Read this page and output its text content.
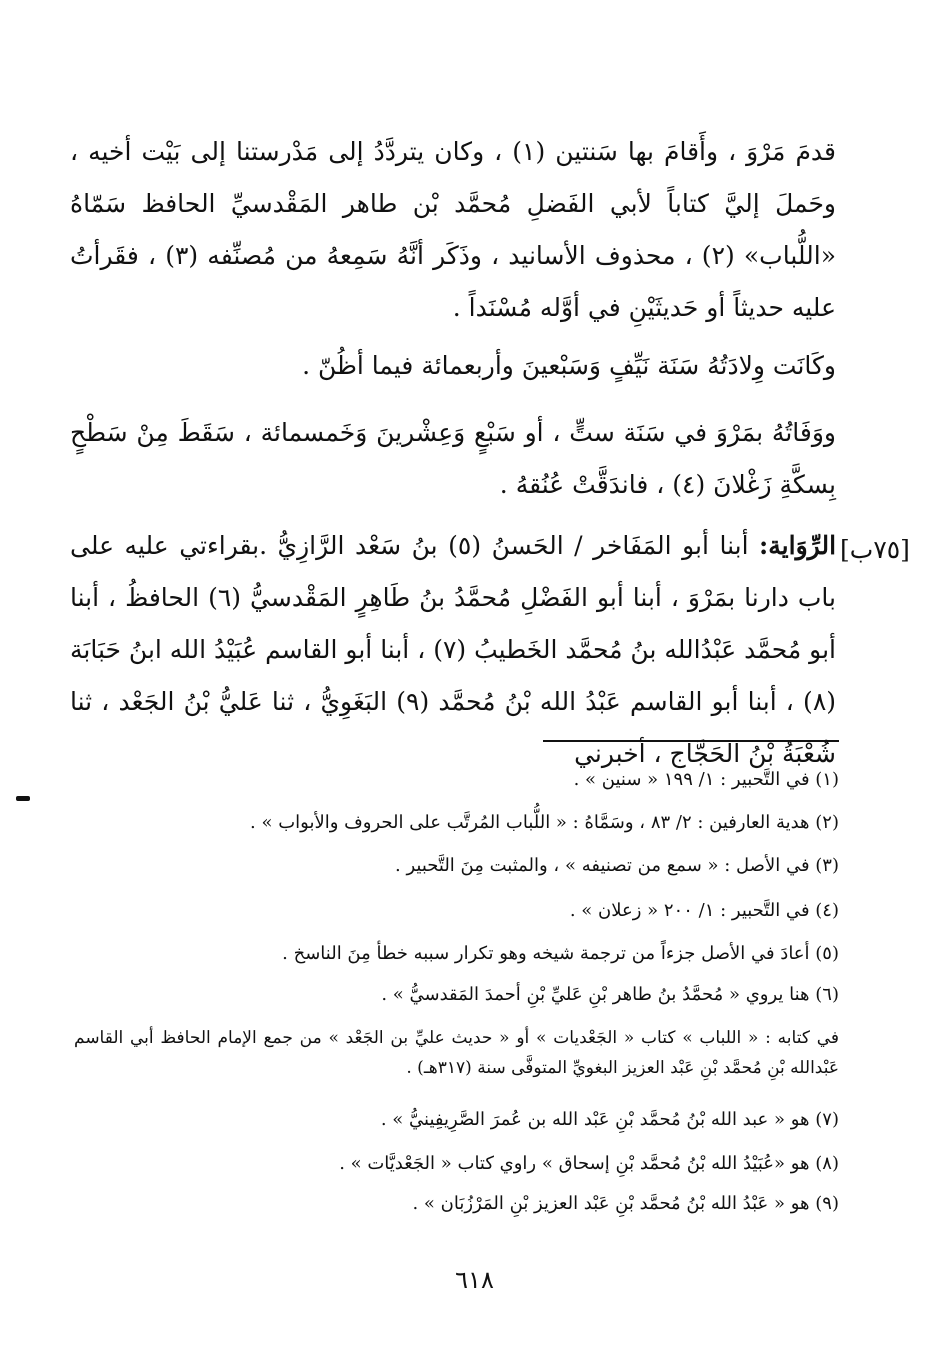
قدمَ مَرْوَ ، وأَقامَ بها سَنتين (١) ، وكان يتردَّدُ إلى مَدْرستنا إلى بَيْت أخيه ، وحَملَ إليَّ كتاباً لأبي الفَضلِ مُحمَّد بْن طاهر المَقْدسيِّ الحافظ سَمّاهُ «اللُّباب» (٢) ، محذوف الأسانيد ، وذَكَر أنَّهُ سَمِعهُ من مُصنِّفه (٣) ، فقَرأتُ عليه حديثاً أو حَديثَيْنِ في أوَّله مُسْنَداً .

وكَانَت وِلادَتُهُ سَنَة نَيِّفٍ وَسَبْعينَ وأربعمائة فيما أظُنّ .

ووَفَاتُهُ بمَرْوَ في سَنَة ستٍّ ، أو سَبْعٍ وَعِشْرينَ وَخَمسمائة ، سَقَطَ مِنْ سَطْحٍ بِسكَّةِ زَغْلانَ (٤) ، فاندَقَّتْ عُنُقهُ .

الرِّوَاية: أبنا أبو المَفَاخر / الحَسنُ (٥) بنُ سَعْد الرَّازِيُّ .بقراءتي عليه على باب دارنا بمَرْوَ ، أبنا أبو الفَضْلِ مُحمَّدُ بنُ طَاهِرٍ المَقْدسيُّ (٦) الحافظُ ، أبنا أبو مُحمَّد عَبْدُالله بنُ مُحمَّد الخَطيبُ (٧) ، أبنا أبو القاسم عُبَيْدُ الله ابنُ حَبَابَة (٨) ، أبنا أبو القاسم عَبْدُ الله بْنُ مُحمَّد (٩) البَغَوِيُّ ، ثنا عَليُّ بْنُ الجَعْد ، ثنا شُعْبَةُ بْنُ الحَجَّاج ، أخبرني

[٧٥ب]
(١) في التَّحبير : ١/ ١٩٩ « سنين » .
(٢) هدية العارفين : ٢/ ٨٣ ، وسَمَّاهُ : « اللُّباب المُرتَّب على الحروف والأبواب » .
(٣) في الأصل : « سمع من تصنيفه » ، والمثبت مِنَ التَّحبير .
(٤) في التَّحبير : ١/ ٢٠٠ « زعلان » .
(٥) أعادَ في الأصل جزءاً من ترجمة شيخه وهو تكرار سببه خطأ مِنَ الناسخ .
(٦) هنا يروي « مُحمَّدُ بنُ طاهر بْنِ عَليِّ بْنِ أحمدَ المَقدسيُّ » .
في كتابه : « اللباب » كتاب « الجَعْديات » أو « حديث عليِّ بن الجَعْد » من جمع الإمام الحافظ أبي القاسم عَبْدالله بْنِ مُحمَّد بْنِ عَبْد العزيز البغويِّ المتوفَّى سنة (٣١٧هـ) .
(٧) هو « عبد الله بْنُ مُحمَّد بْنِ عَبْد الله بن عُمرَ الصَّرِيفِينيُّ » .
(٨) هو «عُبَيْدُ الله بْنُ مُحمَّد بْنِ إسحاق » راوي كتاب « الجَعْديَّات » .
(٩) هو « عَبْدُ الله بْنُ مُحمَّد بْنِ عَبْد العزيز بْنِ المَرْزُبَان » .
٦١٨
